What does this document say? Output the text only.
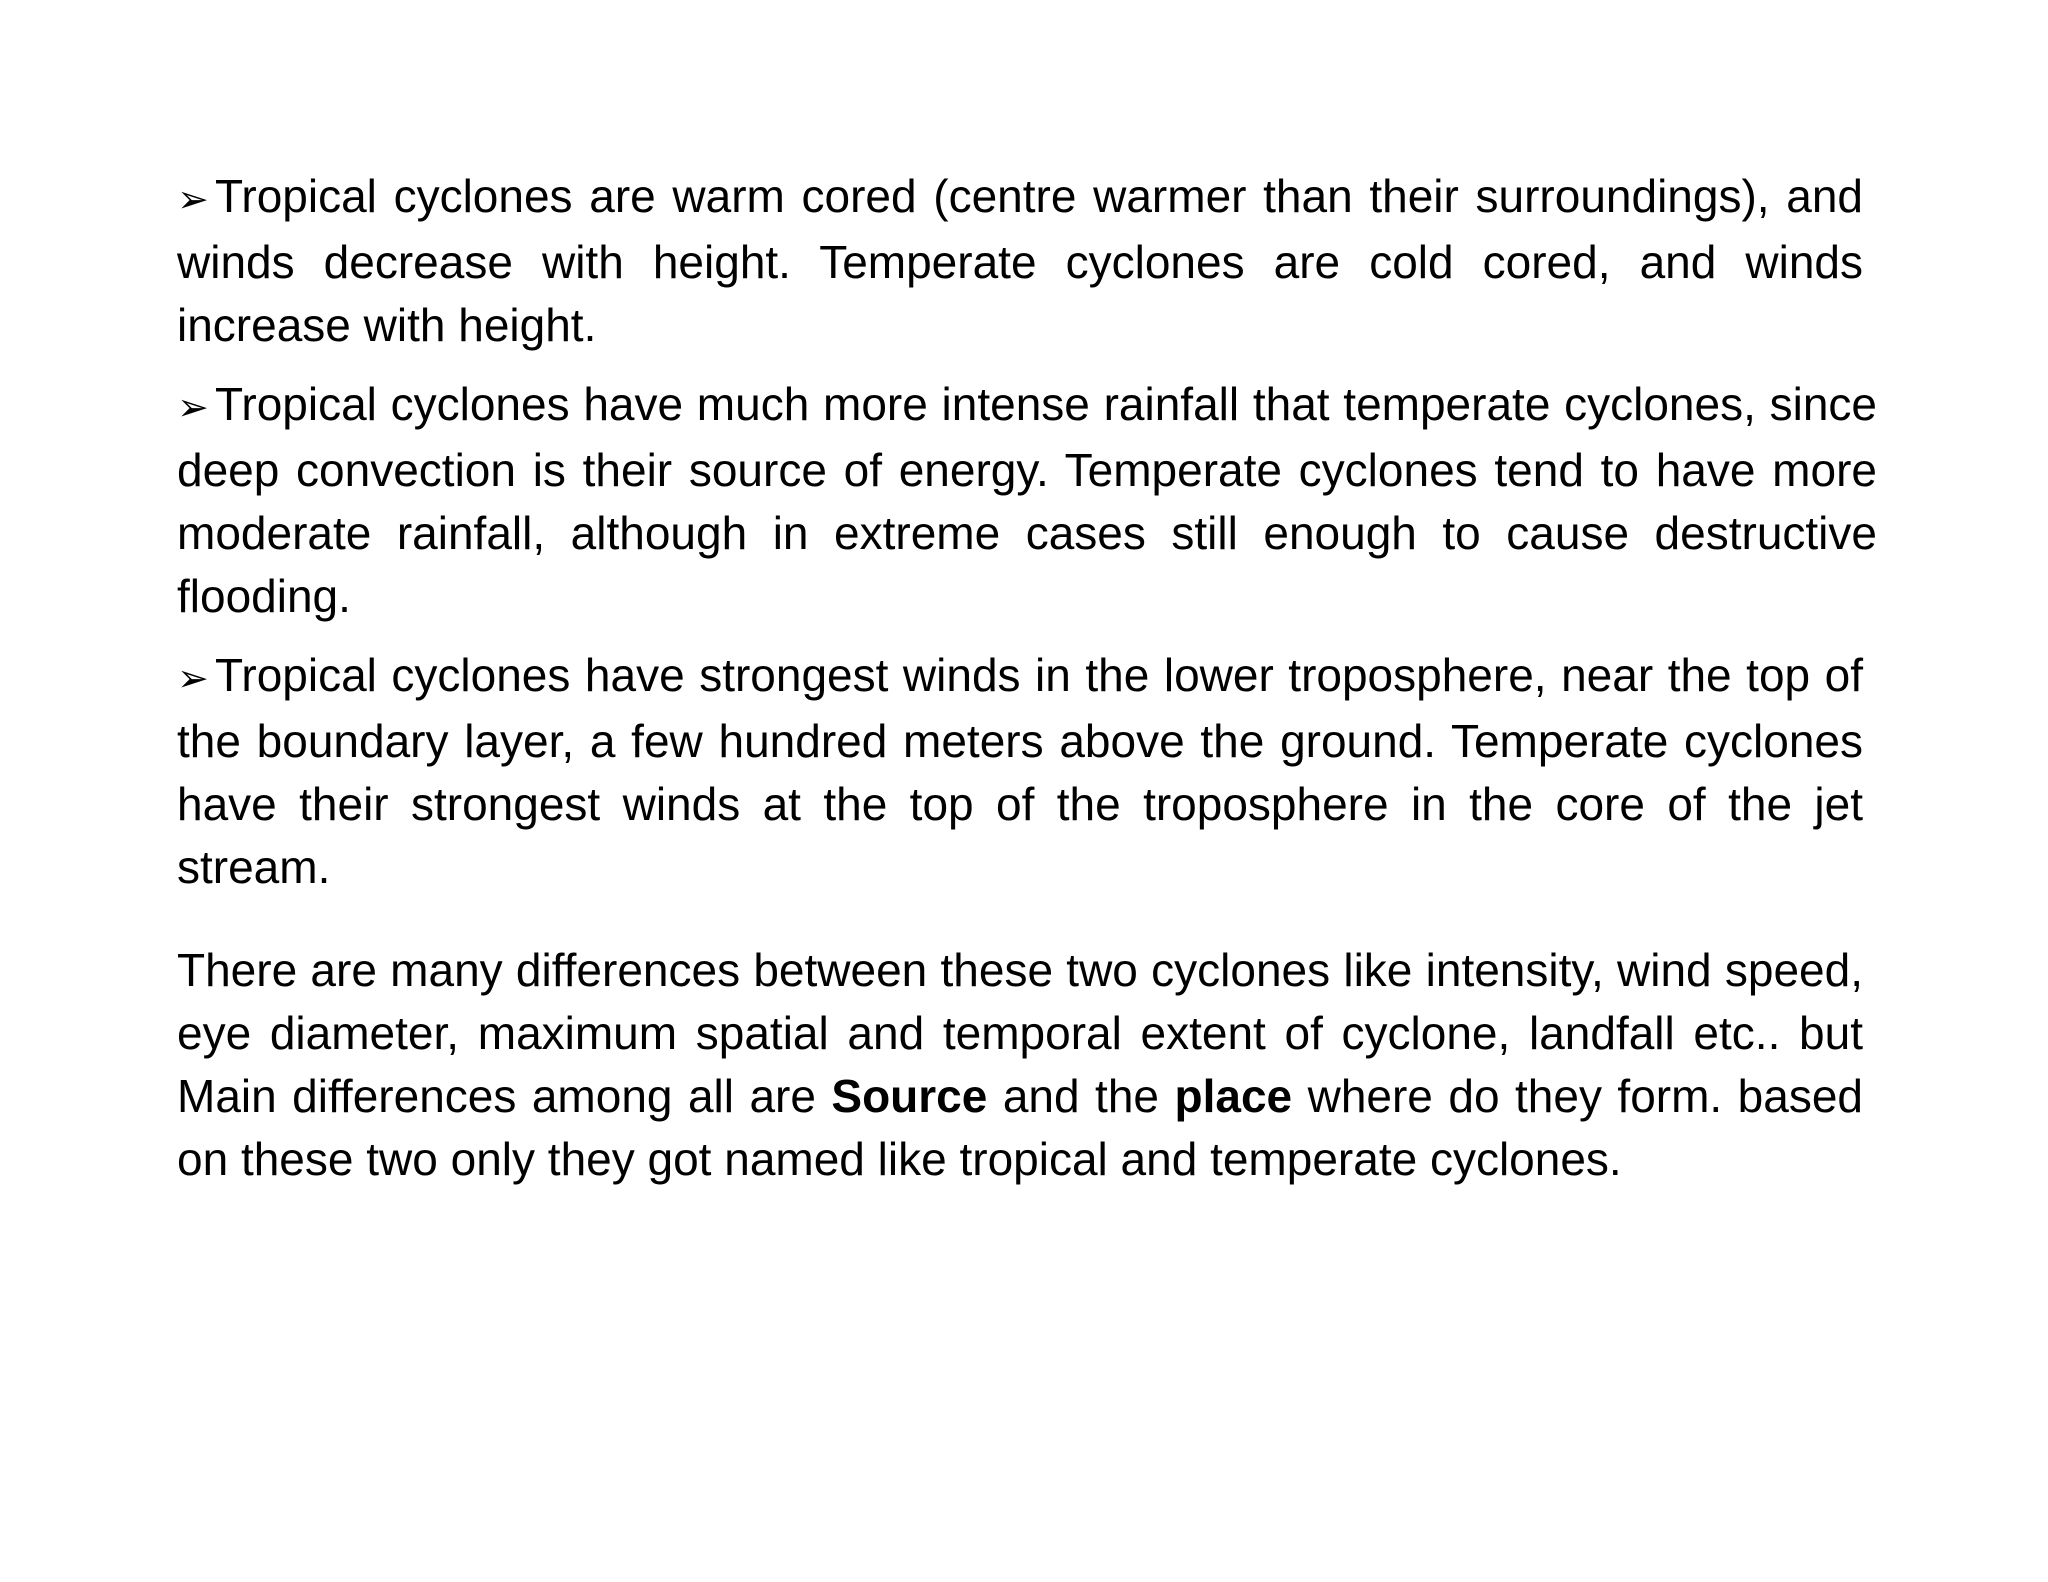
➢ Tropical cyclones are warm cored (centre warmer than their surroundings), and winds decrease with height. Temperate cyclones are cold cored, and winds increase with height.

➢ Tropical cyclones have much more intense rainfall that temperate cyclones, since deep convection is their source of energy. Temperate cyclones tend to have more moderate rainfall, although in extreme cases still enough to cause destructive flooding.

➢ Tropical cyclones have strongest winds in the lower troposphere, near the top of the boundary layer, a few hundred meters above the ground. Temperate cyclones have their strongest winds at the top of the troposphere in the core of the jet stream.

There are many differences between these two cyclones like intensity, wind speed, eye diameter, maximum spatial and temporal extent of cyclone, landfall etc.. but Main differences among all are Source and the place where do they form. based on these two only they got named like tropical and temperate cyclones.
